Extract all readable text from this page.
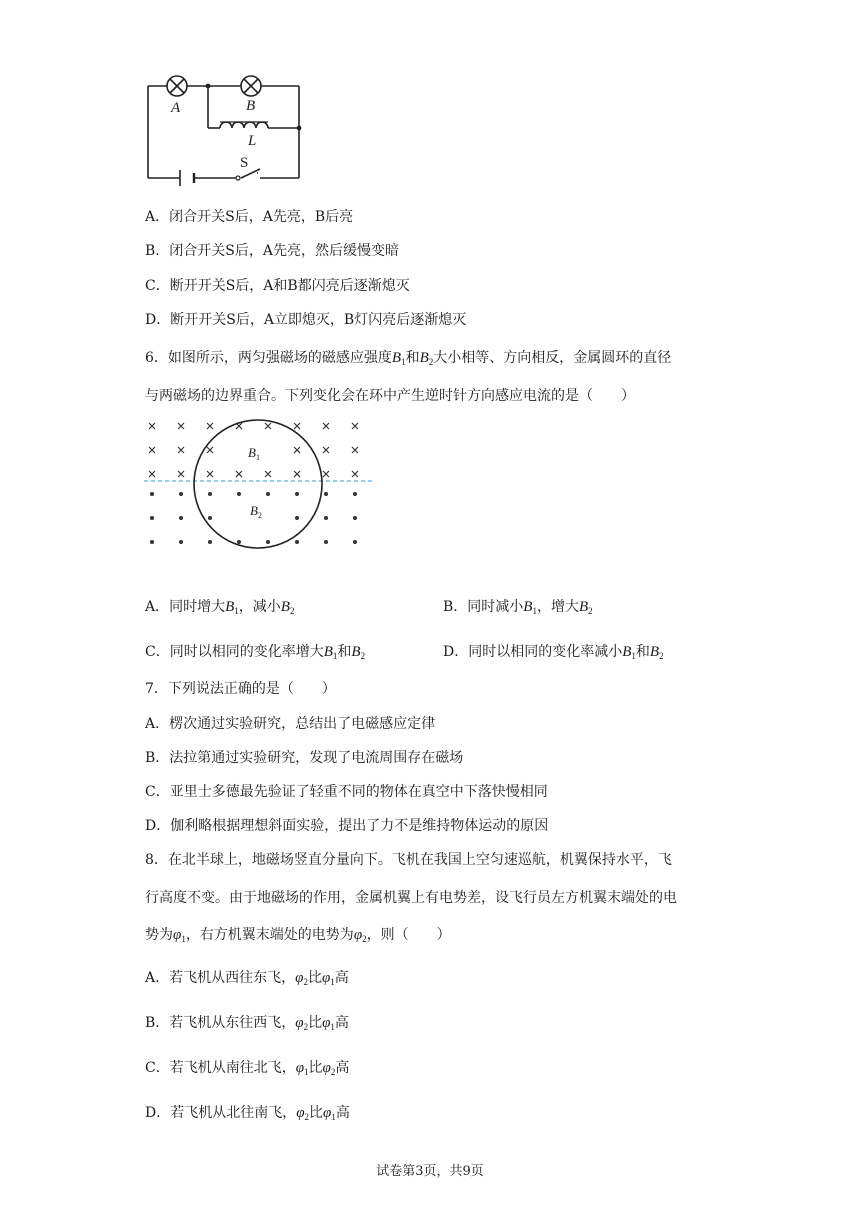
A	B
L
S
A．闭合开关S后，A先亮，B后亮
B．闭合开关S后，A先亮，然后缓慢变暗
C．断开开关S后，A和B都闪亮后逐渐熄灭
D．断开开关S后，A立即熄灭，B灯闪亮后逐渐熄灭
6．如图所示，两匀强磁场的磁感应强度$B_1$和$B_2$大小相等、方向相反，金属圆环的直径
与两磁场的边界重合。下列变化会在环中产生逆时针方向感应电流的是（　　）
$B_1$
$B_2$
A．同时增大$B_1$，减小$B_2$	B．同时减小$B_1$，增大$B_2$
C．同时以相同的变化率增大$B_1$和$B_2$	D．同时以相同的变化率减小$B_1$和$B_2$
7．下列说法正确的是（　　）
A．楞次通过实验研究，总结出了电磁感应定律
B．法拉第通过实验研究，发现了电流周围存在磁场
C．亚里士多德最先验证了轻重不同的物体在真空中下落快慢相同
D．伽利略根据理想斜面实验，提出了力不是维持物体运动的原因
8．在北半球上，地磁场竖直分量向下。飞机在我国上空匀速巡航，机翼保持水平，飞
行高度不变。由于地磁场的作用，金属机翼上有电势差，设飞行员左方机翼末端处的电
势为$\varphi_1$，右方机翼末端处的电势为$\varphi_2$，则（　　）
A．若飞机从西往东飞，$\varphi_2$比$\varphi_1$高
B．若飞机从东往西飞，$\varphi_2$比$\varphi_1$高
C．若飞机从南往北飞，$\varphi_1$比$\varphi_2$高
D．若飞机从北往南飞，$\varphi_2$比$\varphi_1$高
试卷第3页，共9页
